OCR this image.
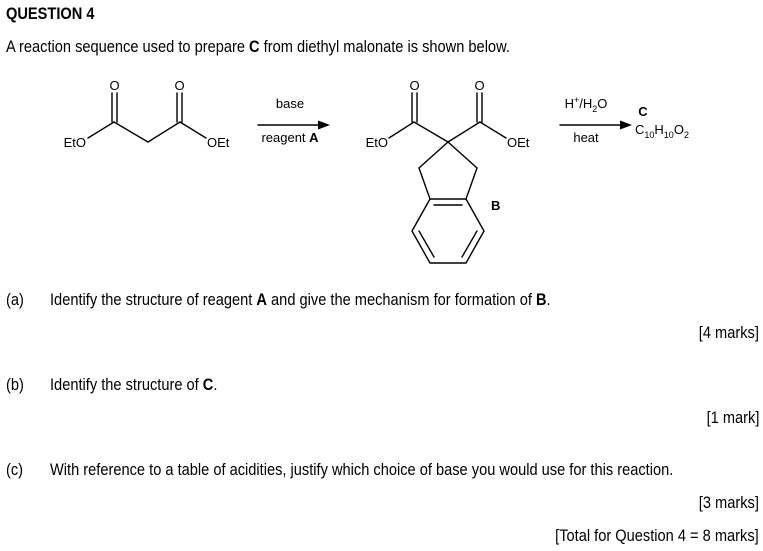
QUESTION 4
A reaction sequence used to prepare C from diethyl malonate is shown below.
O	O
EtO	OEt
base
reagent A
O	O
EtO	OEt
B
$H^+/H_2O$
heat
C
$C_{10}H_{10}O_2$
(a) Identify the structure of reagent A and give the mechanism for formation of B.
[4 marks]
(b) Identify the structure of C.
[1 mark]
(c) With reference to a table of acidities, justify which choice of base you would use for this reaction.
[3 marks]
[Total for Question 4 = 8 marks]
